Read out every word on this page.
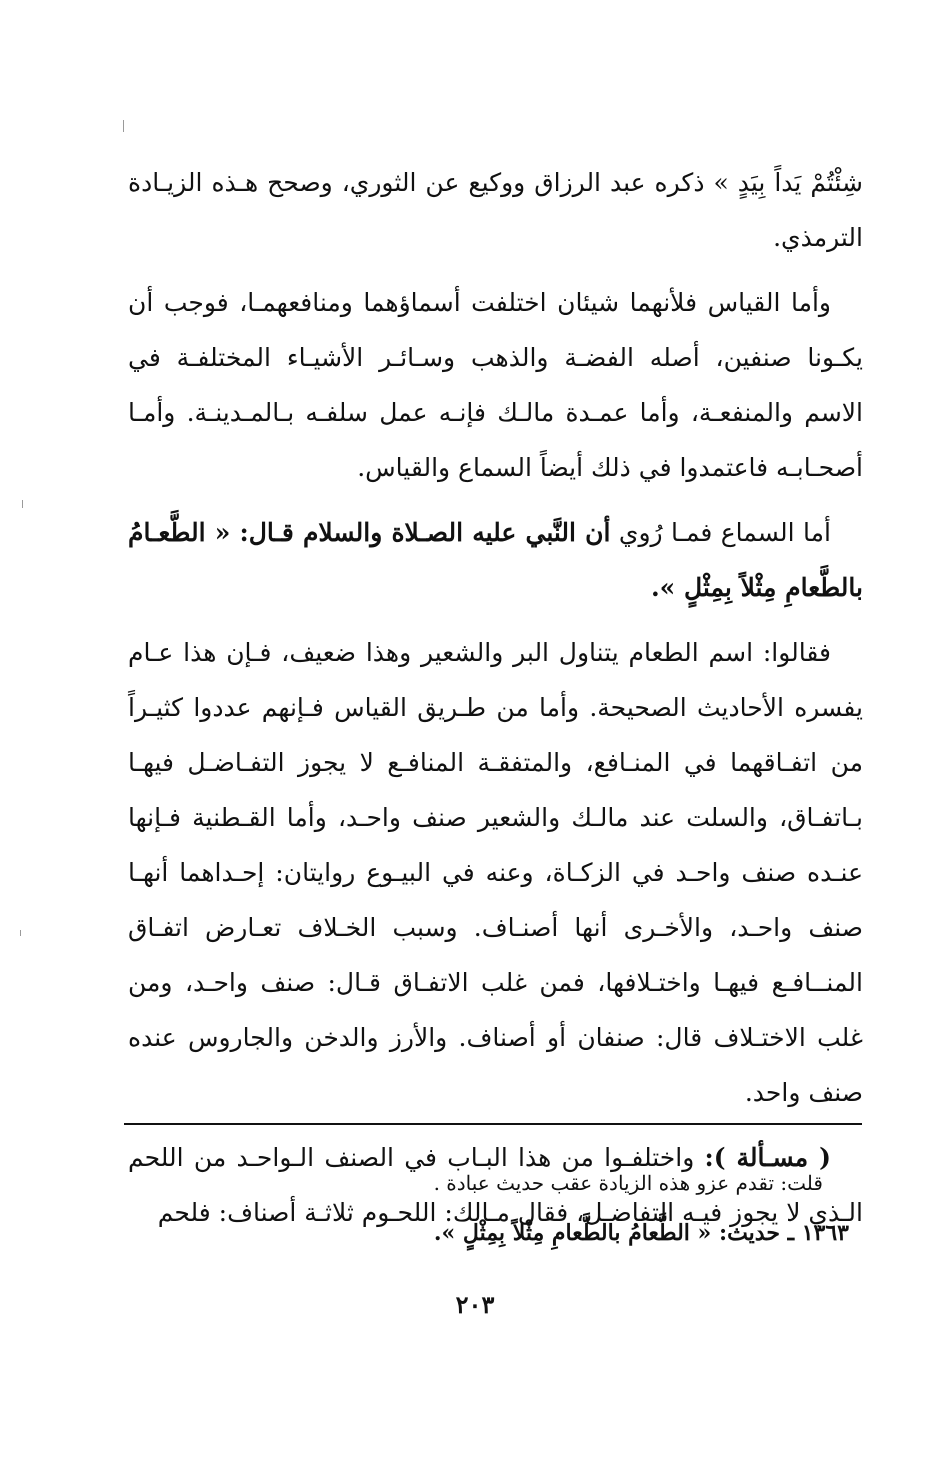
شِئْتُمْ يَداً بِيَدٍ » ذكره عبد الرزاق ووكيع عن الثوري، وصحح هـذه الزيـادة الترمذي.

وأما القياس فلأنهما شيئان اختلفت أسماؤهما ومنافعهمـا، فوجب أن يكـونا صنفين، أصله الفضـة والذهب وسـائـر الأشيـاء المختلفـة في الاسم والمنفعـة، وأما عمـدة مالـك فإنـه عمل سلفـه بـالمـدينـة. وأمـا أصحـابـه فاعتمدوا في ذلك أيضاً السماع والقياس.

أما السماع فمـا رُوي أن النَّبي عليه الصـلاة والسلام قـال: « الطَّعـامُ بالطَّعامِ مِثْلاً بِمِثْلٍ ».

فقالوا: اسم الطعام يتناول البر والشعير وهذا ضعيف، فـإن هذا عـام يفسره الأحاديث الصحيحة. وأما من طـريق القياس فـإنهم عددوا كثيـراً من اتفـاقهما في المنـافع، والمتفقـة المنافـع لا يجوز التفـاضـل فيهـا بـاتفـاق، والسلت عند مالـك والشعير صنف واحـد، وأما القـطنية فـإنها عنـده صنف واحـد في الزكـاة، وعنه في البيـوع روايتان: إحـداهما أنهـا صنف واحـد، والأخـرى أنها أصنـاف. وسبب الخـلاف تعـارض اتفـاق المنــافـع فيهـا واختـلافها، فمن غلب الاتفـاق قـال: صنف واحـد، ومن غلب الاختـلاف قال: صنفان أو أصناف. والأرز والدخن والجاروس عنده صنف واحد.

( مسـألة ): واختلفـوا من هذا البـاب في الصنف الـواحـد من اللحم الـذي لا يجوز فيـه التفاضـل، فقال مـالك: اللحـوم ثلاثـة أصناف: فلحم

قلت: تقدم عزو هذه الزيادة عقب حديث عبادة .

١٣٦٣ ـ حديث: « الطَّعامُ بالطَّعامِ مِثْلاً بِمِثْلٍ ».

٢٠٣
